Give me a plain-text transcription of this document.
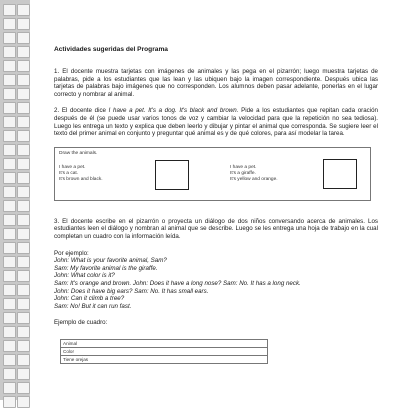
Actividades sugeridas del Programa

1. El docente muestra tarjetas con imágenes de animales y las pega en el pizarrón; luego muestra tarjetas de palabras, pide a los estudiantes que las lean y las ubiquen bajo la imagen correspondiente. Después ubica las tarjetas de palabras bajo imágenes que no corresponden. Los alumnos deben pasar adelante, ponerlas en el lugar correcto y nombrar al animal.

2. El docente dice I have a pet. It's a dog. It's black and brown. Pide a los estudiantes que repitan cada oración después de él (se puede usar varios tonos de voz y cambiar la velocidad para que la repetición no sea tediosa). Luego les entrega un texto y explica que deben leerlo y dibujar y pintar el animal que corresponda. Se sugiere leer el texto del primer animal en conjunto y preguntar qué animal es y de qué colores, para así modelar la tarea.

Draw the animals.
I have a pet.
It's a cat.
It's brown and black.
I have a pet.
It's a giraffe.
It's yellow and orange.

3. El docente escribe en el pizarrón o proyecta un diálogo de dos niños conversando acerca de animales. Los estudiantes leen el diálogo y nombran al animal que se describe. Luego se les entrega una hoja de trabajo en la cual completan un cuadro con la información leída.

Por ejemplo:
John: What is your favorite animal, Sam?
Sam: My favorite animal is the giraffe.
John: What color is it?
Sam: It's orange and brown. John: Does it have a long nose? Sam: No. It has a long neck.
John: Does it have big ears? Sam: No. It has small ears.
John: Can it climb a tree?
Sam: No! But it can run fast.
Ejemplo de cuadro:
Animal
Color
Tiene orejas
